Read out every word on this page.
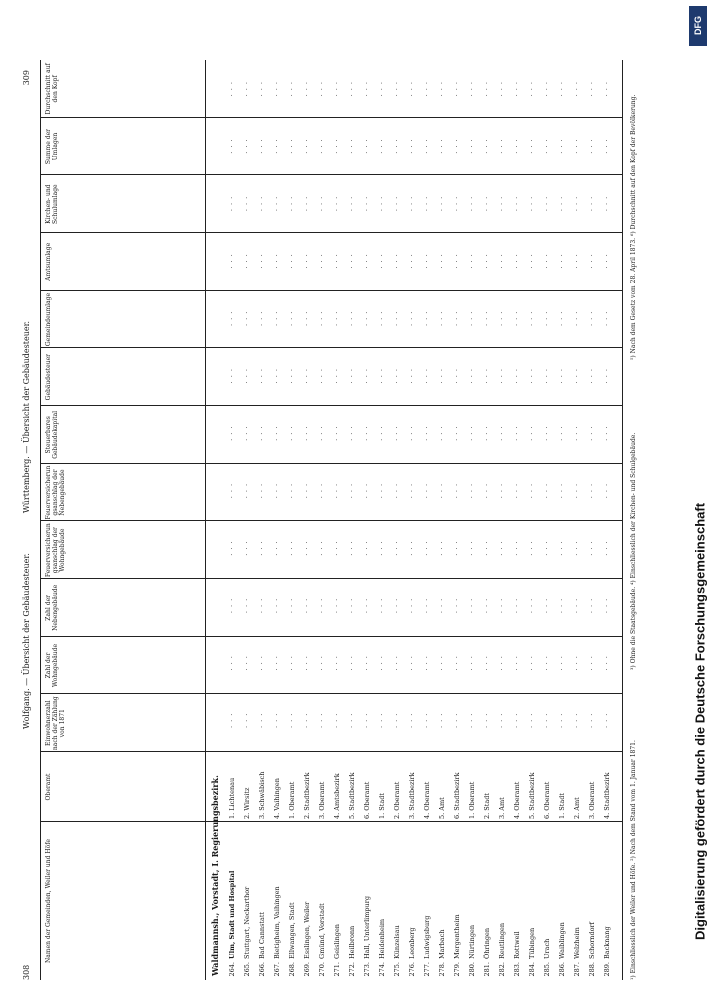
308
Wolfgang. — Übersicht der Gebäudesteuer.
Württemberg. — Übersicht der Gebäudesteuer.
309
Namen der Gemeinden, Weiler und Höfe
Oberamt
Einwohnerzahl nach der Zählung von 1871
Zahl der Wohngebäude
Zahl der Nebengebäude
Feuerversicherungsanschlag der Wohngebäude
Feuerversicherungsanschlag der Nebengebäude
Steuerbares Gebäudekapital
Gebäudesteuer
Gemeindeumlage
Amtsumlage
Kirchen- und Schulumlage
Summe der Umlagen
Durchschnitt auf den Kopf
Waldmannsh., Vorstadt, I. Regierungsbezirk. 264.
Ulm, Stadt und Hospital
1. Lichtenau
· · ·
· · ·
· · ·
· · ·
· · ·
· · ·
· · ·
· · ·
· · ·
· · ·
· · ·
· · ·
265.
Stuttgart, Neckarthor
2. Wirsitz
· · ·
· · ·
· · ·
· · ·
· · ·
· · ·
· · ·
· · ·
· · ·
· · ·
· · ·
· · ·
266.
Bad Cannstatt
3. Schwäbisch
· · ·
· · ·
· · ·
· · ·
· · ·
· · ·
· · ·
· · ·
· · ·
· · ·
· · ·
· · ·
267.
Bietigheim, Vaihingen
4. Vaihingen
· · ·
· · ·
· · ·
· · ·
· · ·
· · ·
· · ·
· · ·
· · ·
· · ·
· · ·
· · ·
268.
Ellwangen, Stadt
1. Oberamt
· · ·
· · ·
· · ·
· · ·
· · ·
· · ·
· · ·
· · ·
· · ·
· · ·
· · ·
· · ·
269.
Esslingen, Weiler
2. Stadtbezirk
· · ·
· · ·
· · ·
· · ·
· · ·
· · ·
· · ·
· · ·
· · ·
· · ·
· · ·
· · ·
270.
Gmünd, Vorstadt
3. Oberamt
· · ·
· · ·
· · ·
· · ·
· · ·
· · ·
· · ·
· · ·
· · ·
· · ·
· · ·
· · ·
271.
Geislingen
4. Amtsbezirk
· · ·
· · ·
· · ·
· · ·
· · ·
· · ·
· · ·
· · ·
· · ·
· · ·
· · ·
· · ·
272.
Heilbronn
5. Stadtbezirk
· · ·
· · ·
· · ·
· · ·
· · ·
· · ·
· · ·
· · ·
· · ·
· · ·
· · ·
· · ·
273.
Hall, Unterlimpurg
6. Oberamt
· · ·
· · ·
· · ·
· · ·
· · ·
· · ·
· · ·
· · ·
· · ·
· · ·
· · ·
· · ·
274.
Heidenheim
1. Stadt
· · ·
· · ·
· · ·
· · ·
· · ·
· · ·
· · ·
· · ·
· · ·
· · ·
· · ·
· · ·
275.
Künzelsau
2. Oberamt
· · ·
· · ·
· · ·
· · ·
· · ·
· · ·
· · ·
· · ·
· · ·
· · ·
· · ·
· · ·
276.
Leonberg
3. Stadtbezirk
· · ·
· · ·
· · ·
· · ·
· · ·
· · ·
· · ·
· · ·
· · ·
· · ·
· · ·
· · ·
277.
Ludwigsburg
4. Oberamt
· · ·
· · ·
· · ·
· · ·
· · ·
· · ·
· · ·
· · ·
· · ·
· · ·
· · ·
· · ·
278.
Marbach
5. Amt
· · ·
· · ·
· · ·
· · ·
· · ·
· · ·
· · ·
· · ·
· · ·
· · ·
· · ·
· · ·
279.
Mergentheim
6. Stadtbezirk
· · ·
· · ·
· · ·
· · ·
· · ·
· · ·
· · ·
· · ·
· · ·
· · ·
· · ·
· · ·
280.
Nürtingen
1. Oberamt
· · ·
· · ·
· · ·
· · ·
· · ·
· · ·
· · ·
· · ·
· · ·
· · ·
· · ·
· · ·
281.
Öhringen
2. Stadt
· · ·
· · ·
· · ·
· · ·
· · ·
· · ·
· · ·
· · ·
· · ·
· · ·
· · ·
· · ·
282.
Reutlingen
3. Amt
· · ·
· · ·
· · ·
· · ·
· · ·
· · ·
· · ·
· · ·
· · ·
· · ·
· · ·
· · ·
283.
Rottweil
4. Oberamt
· · ·
· · ·
· · ·
· · ·
· · ·
· · ·
· · ·
· · ·
· · ·
· · ·
· · ·
· · ·
284.
Tübingen
5. Stadtbezirk
· · ·
· · ·
· · ·
· · ·
· · ·
· · ·
· · ·
· · ·
· · ·
· · ·
· · ·
· · ·
285.
Urach
6. Oberamt
· · ·
· · ·
· · ·
· · ·
· · ·
· · ·
· · ·
· · ·
· · ·
· · ·
· · ·
· · ·
286.
Waiblingen
1. Stadt
· · ·
· · ·
· · ·
· · ·
· · ·
· · ·
· · ·
· · ·
· · ·
· · ·
· · ·
· · ·
287.
Welzheim
2. Amt
· · ·
· · ·
· · ·
· · ·
· · ·
· · ·
· · ·
· · ·
· · ·
· · ·
· · ·
· · ·
288.
Schorndorf
3. Oberamt
· · ·
· · ·
· · ·
· · ·
· · ·
· · ·
· · ·
· · ·
· · ·
· · ·
· · ·
· · ·
289.
Backnang
4. Stadtbezirk
· · ·
· · ·
· · ·
· · ·
· · ·
· · ·
· · ·
· · ·
· · ·
· · ·
· · ·
· · ·

¹) Einschliesslich der Weiler und Höfe. ²) Nach dem Stand vom 1. Januar 1871.

³) Ohne die Staatsgebäude. ⁴) Einschliesslich der Kirchen- und Schulgebäude.

⁵) Nach dem Gesetz vom 28. April 1873. ⁶) Durchschnitt auf den Kopf der Bevölkerung.

DFG
Digitalisierung gefördert durch die Deutsche Forschungsgemeinschaft
